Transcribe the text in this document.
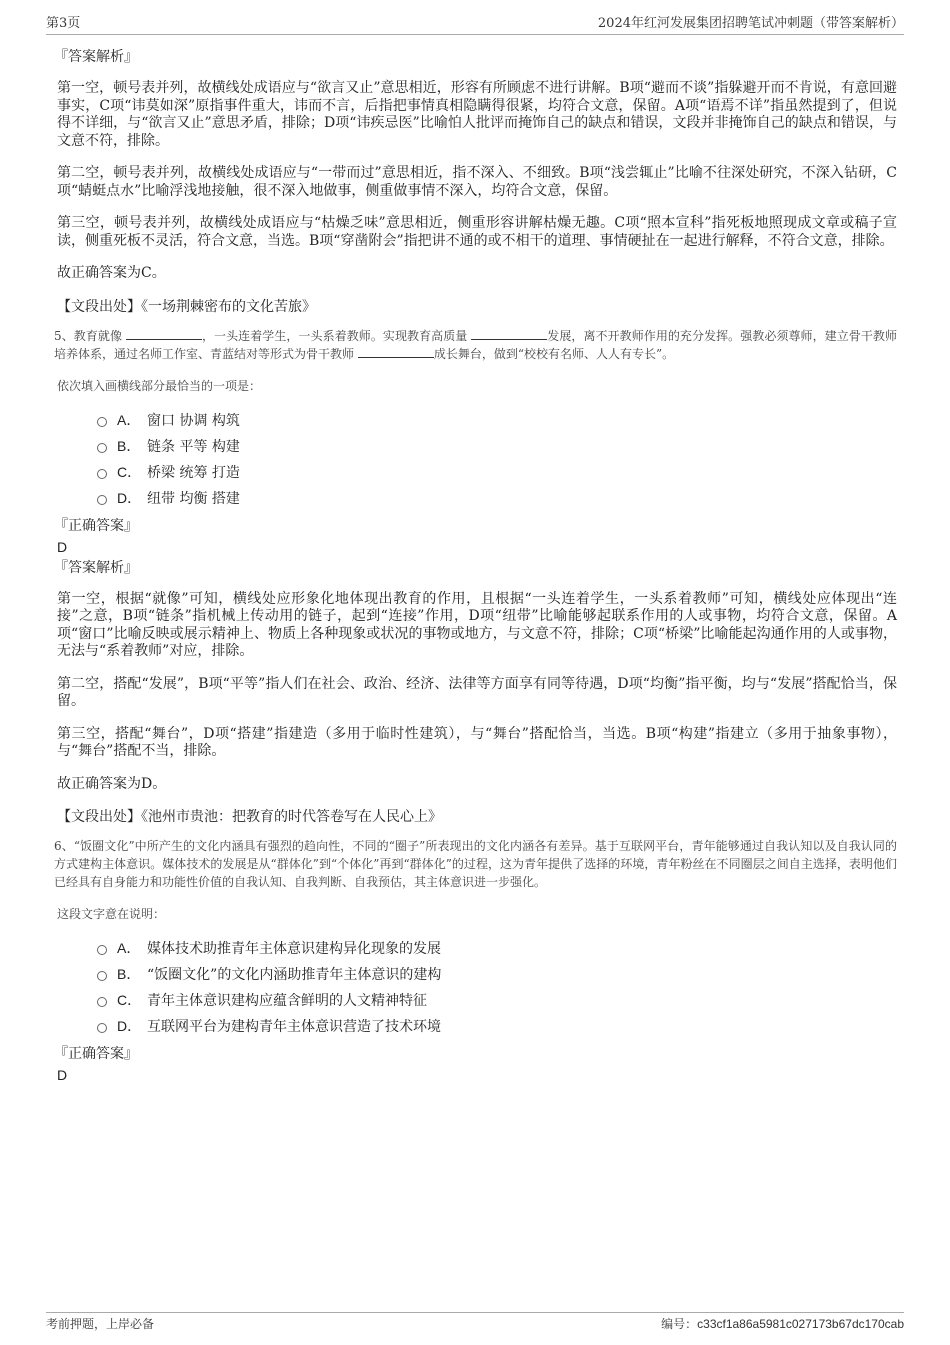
第3页	2024年红河发展集团招聘笔试冲刺题（带答案解析）

『答案解析』

第一空，顿号表并列，故横线处成语应与“欲言又止”意思相近，形容有所顾虑不进行讲解。B项“避而不谈”指躲避开而不肯说，有意回避事实，C项“讳莫如深”原指事件重大，讳而不言，后指把事情真相隐瞒得很紧，均符合文意，保留。A项“语焉不详”指虽然提到了，但说得不详细，与“欲言又止”意思矛盾，排除；D项“讳疾忌医”比喻怕人批评而掩饰自己的缺点和错误，文段并非掩饰自己的缺点和错误，与文意不符，排除。

第二空，顿号表并列，故横线处成语应与“一带而过”意思相近，指不深入、不细致。B项“浅尝辄止”比喻不往深处研究，不深入钻研，C项“蜻蜓点水”比喻浮浅地接触，很不深入地做事，侧重做事情不深入，均符合文意，保留。

第三空，顿号表并列，故横线处成语应与“枯燥乏味”意思相近，侧重形容讲解枯燥无趣。C项“照本宣科”指死板地照现成文章或稿子宣读，侧重死板不灵活，符合文意，当选。B项“穿凿附会”指把讲不通的或不相干的道理、事情硬扯在一起进行解释，不符合文意，排除。

故正确答案为C。

【文段出处】《一场荆棘密布的文化苦旅》

5、教育就像	，一头连着学生，一头系着教师。实现教育高质量	发展，离不开教师作用的充分发挥。强教必须尊师，建立骨干教师培养体系，通过名师工作室、青蓝结对等形式为骨干教师	成长舞台，做到“校校有名师、人人有专长”。

依次填入画横线部分最恰当的一项是：

A． 窗口 协调 构筑
B． 链条 平等 构建
C． 桥梁 统筹 打造
D． 纽带 均衡 搭建

『正确答案』

D

『答案解析』

第一空，根据“就像”可知，横线处应形象化地体现出教育的作用，且根据“一头连着学生，一头系着教师”可知，横线处应体现出“连接”之意，B项“链条”指机械上传动用的链子，起到“连接”作用，D项“纽带”比喻能够起联系作用的人或事物，均符合文意，保留。A项“窗口”比喻反映或展示精神上、物质上各种现象或状况的事物或地方，与文意不符，排除；C项“桥梁”比喻能起沟通作用的人或事物，无法与“系着教师”对应，排除。

第二空，搭配“发展”，B项“平等”指人们在社会、政治、经济、法律等方面享有同等待遇，D项“均衡”指平衡，均与“发展”搭配恰当，保留。

第三空，搭配“舞台”，D项“搭建”指建造（多用于临时性建筑），与“舞台”搭配恰当，当选。B项“构建”指建立（多用于抽象事物），与“舞台”搭配不当，排除。

故正确答案为D。

【文段出处】《池州市贵池：把教育的时代答卷写在人民心上》

6、“饭圈文化”中所产生的文化内涵具有强烈的趋向性，不同的“圈子”所表现出的文化内涵各有差异。基于互联网平台，青年能够通过自我认知以及自我认同的方式建构主体意识。媒体技术的发展是从“群体化”到“个体化”再到“群体化”的过程，这为青年提供了选择的环境，青年粉丝在不同圈层之间自主选择，表明他们已经具有自身能力和功能性价值的自我认知、自我判断、自我预估，其主体意识进一步强化。

这段文字意在说明：

A． 媒体技术助推青年主体意识建构异化现象的发展
B． “饭圈文化”的文化内涵助推青年主体意识的建构
C． 青年主体意识建构应蕴含鲜明的人文精神特征
D． 互联网平台为建构青年主体意识营造了技术环境

『正确答案』

D

考前押题，上岸必备	编号：c33cf1a86a5981c027173b67dc170cab
